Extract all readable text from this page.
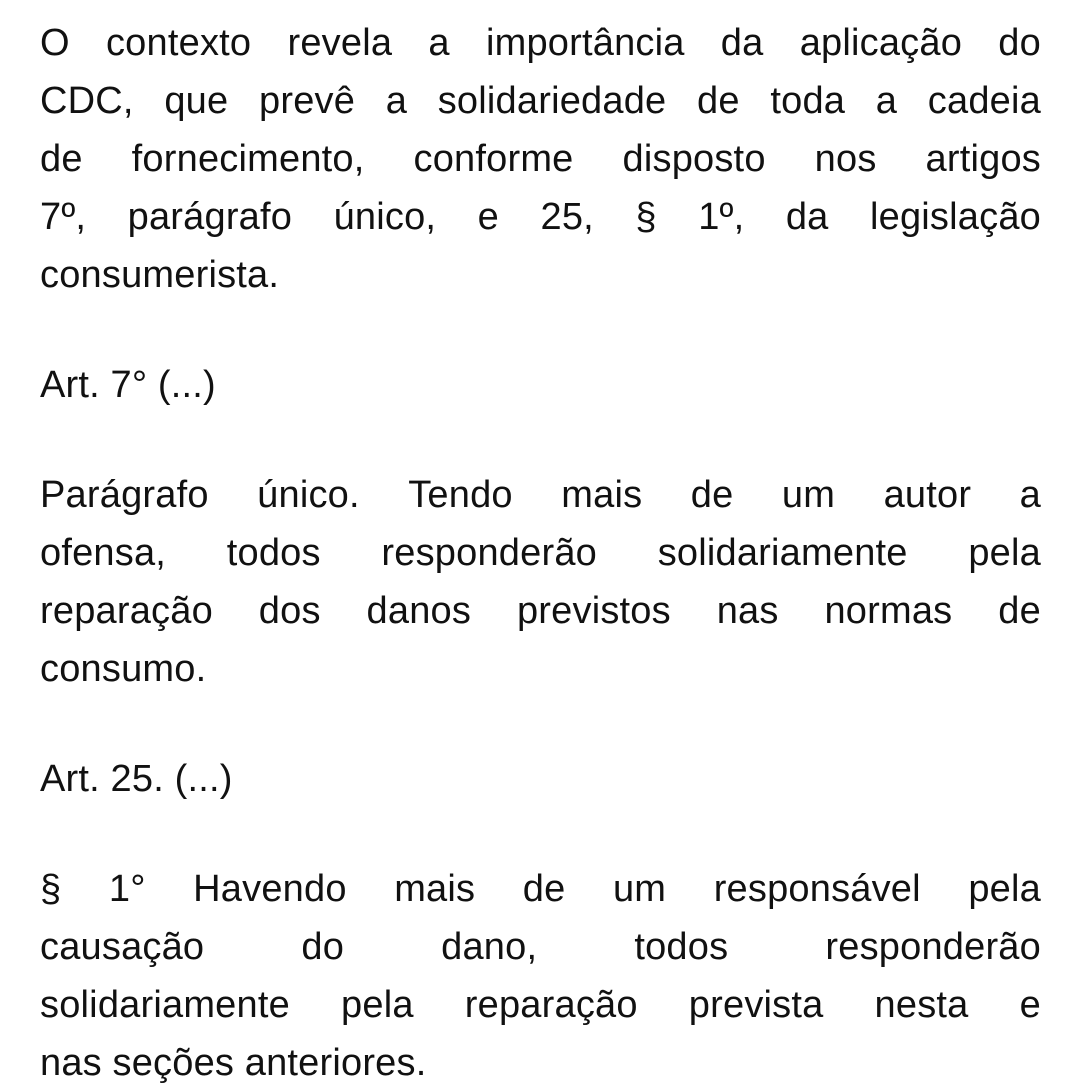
O contexto revela a importância da aplicação do
CDC, que prevê a solidariedade de toda a cadeia
de fornecimento, conforme disposto nos artigos
7º, parágrafo único, e 25, § 1º, da legislação
consumerista.

Art. 7° (...)

Parágrafo único. Tendo mais de um autor a
ofensa, todos responderão solidariamente pela
reparação dos danos previstos nas normas de
consumo.

Art. 25. (...)

§ 1° Havendo mais de um responsável pela
causação	do	dano,	todos	responderão
solidariamente pela reparação prevista nesta e
nas seções anteriores.
